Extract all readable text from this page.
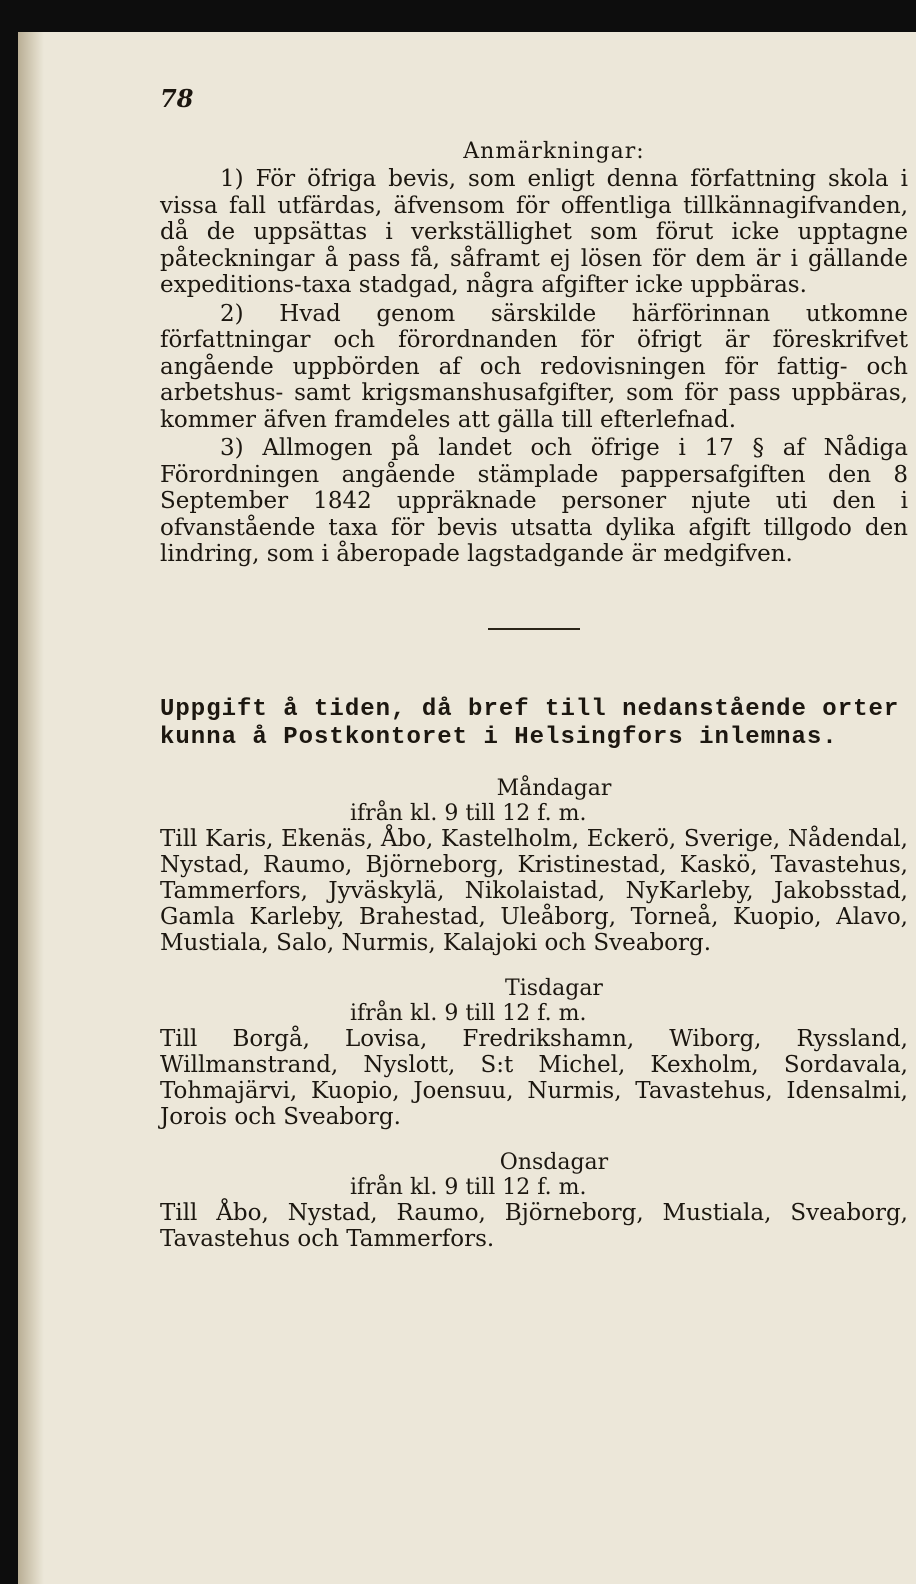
78
Anmärkningar:

1) För öfriga bevis, som enligt denna författning skola i vissa fall utfärdas, äfvensom för offentliga tillkännagifvanden, då de uppsättas i verkställighet som förut icke upptagne påteckningar å pass få, såframt ej lösen för dem är i gällande expeditions-taxa stadgad, några afgifter icke uppbäras.

2) Hvad genom särskilde härförinnan utkomne författningar och förordnanden för öfrigt är föreskrifvet angående uppbörden af och redovisningen för fattig- och arbetshus- samt krigsmanshusafgifter, som för pass uppbäras, kommer äfven framdeles att gälla till efterlefnad.

3) Allmogen på landet och öfrige i 17 § af Nådiga Förordningen angående stämplade pappersafgiften den 8 September 1842 uppräknade personer njute uti den i ofvanstående taxa för bevis utsatta dylika afgift tillgodo den lindring, som i åberopade lagstadgande är medgifven.

Uppgift å tiden, då bref till nedanstående orter kunna å Postkontoret i Helsingfors inlemnas.
Måndagar
ifrån kl. 9 till 12 f. m.

Till Karis, Ekenäs, Åbo, Kastelholm, Eckerö, Sverige, Nådendal, Nystad, Raumo, Björneborg, Kristinestad, Kaskö, Tavastehus, Tammerfors, Jyväskylä, Nikolaistad, NyKarleby, Jakobsstad, Gamla Karleby, Brahestad, Uleåborg, Torneå, Kuopio, Alavo, Mustiala, Salo, Nurmis, Kalajoki och Sveaborg.

Tisdagar
ifrån kl. 9 till 12 f. m.

Till Borgå, Lovisa, Fredrikshamn, Wiborg, Ryssland, Willmanstrand, Nyslott, S:t Michel, Kexholm, Sordavala, Tohmajärvi, Kuopio, Joensuu, Nurmis, Tavastehus, Idensalmi, Jorois och Sveaborg.

Onsdagar
ifrån kl. 9 till 12 f. m.

Till Åbo, Nystad, Raumo, Björneborg, Mustiala, Sveaborg, Tavastehus och Tammerfors.
